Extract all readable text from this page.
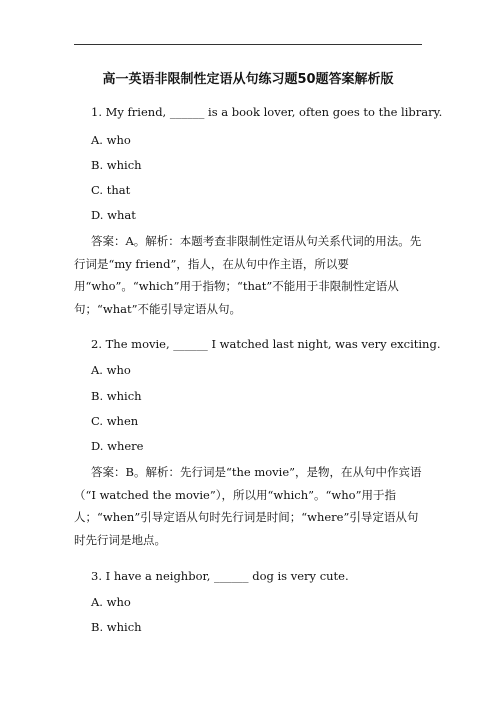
高一英语非限制性定语从句练习题50题答案解析版
1. My friend, ______ is a book lover, often goes to the library.
A. who
B. which
C. that
D. what
答案：A。解析：本题考查非限制性定语从句关系代词的用法。先行词是“my friend”，指人，在从句中作主语，所以要用“who”。“which”用于指物；“that”不能用于非限制性定语从句；“what”不能引导定语从句。
2. The movie, ______ I watched last night, was very exciting.
A. who
B. which
C. when
D. where
答案：B。解析：先行词是“the movie”，是物，在从句中作宾语（“I watched the movie”），所以用“which”。“who”用于指人；“when”引导定语从句时先行词是时间；“where”引导定语从句时先行词是地点。
3. I have a neighbor, ______ dog is very cute.
A. who
B. which
